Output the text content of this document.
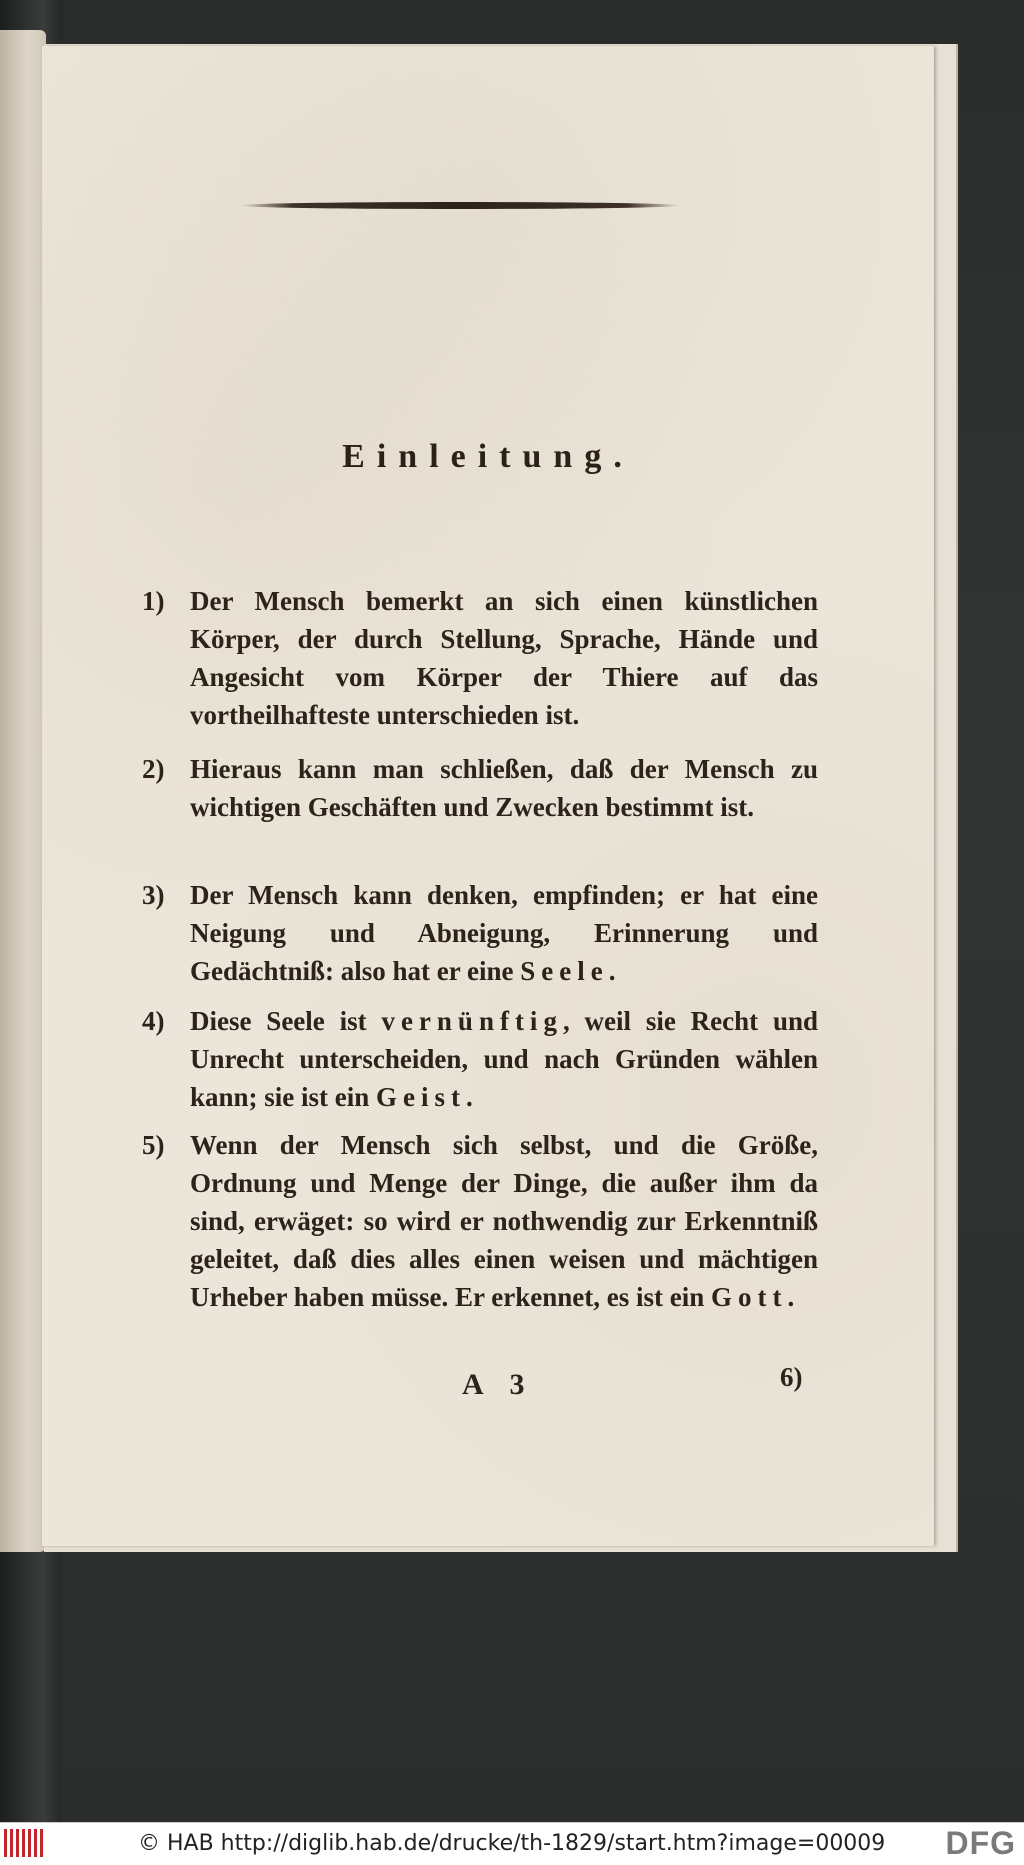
Einleitung.
1) Der Mensch bemerkt an sich einen künstlichen Körper, der durch Stellung, Sprache, Hände und Angesicht vom Körper der Thiere auf das vortheilhafteste unterschieden ist.
2) Hieraus kann man schließen, daß der Mensch zu wichtigen Geschäften und Zwecken bestimmt ist.
3) Der Mensch kann denken, empfinden; er hat eine Neigung und Abneigung, Erinnerung und Gedächtniß: also hat er eine Seele.
4) Diese Seele ist vernünftig, weil sie Recht und Unrecht unterscheiden, und nach Gründen wählen kann; sie ist ein Geist.
5) Wenn der Mensch sich selbst, und die Größe, Ordnung und Menge der Dinge, die außer ihm da sind, erwäget: so wird er nothwendig zur Erkenntniß geleitet, daß dies alles einen weisen und mächtigen Urheber haben müsse. Er erkennet, es ist ein Gott.
A 3	6)
© HAB http://diglib.hab.de/drucke/th-1829/start.htm?image=00009 DFG
